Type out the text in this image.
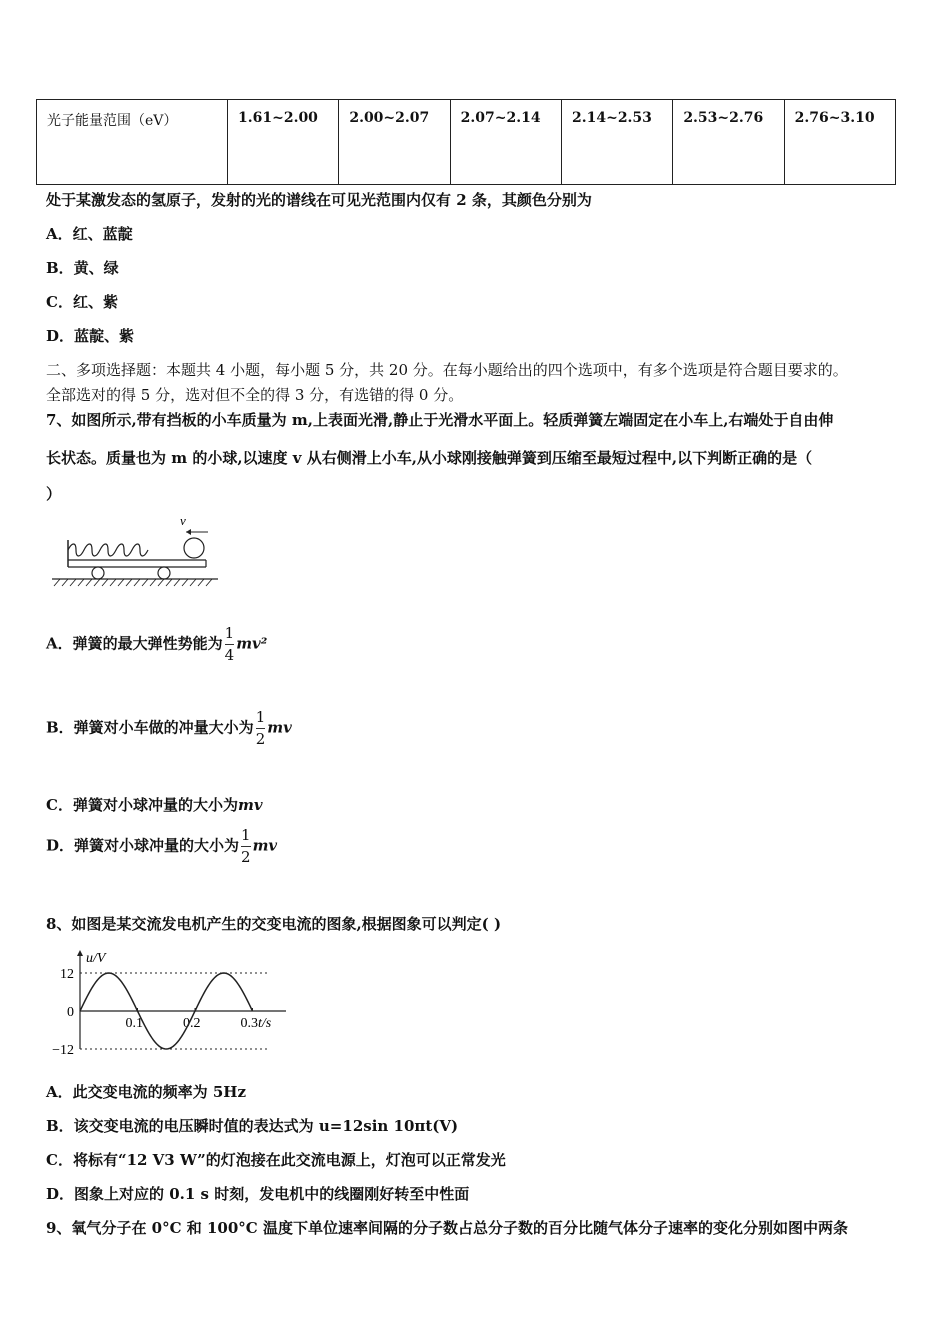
光子能量范围（eV）	1.61~2.00	2.00~2.07	2.07~2.14	2.14~2.53	2.53~2.76	2.76~3.10
处于某激发态的氢原子，发射的光的谱线在可见光范围内仅有 2 条，其颜色分别为
A．红、蓝靛
B．黄、绿
C．红、紫
D．蓝靛、紫
二、多项选择题：本题共 4 小题，每小题 5 分，共 20 分。在每小题给出的四个选项中，有多个选项是符合题目要求的。
全部选对的得 5 分，选对但不全的得 3 分，有选错的得 0 分。
7、如图所示,带有挡板的小车质量为 m,上表面光滑,静止于光滑水平面上。轻质弹簧左端固定在小车上,右端处于自由伸
长状态。质量也为 m 的小球,以速度 v 从右侧滑上小车,从小球刚接触弹簧到压缩至最短过程中,以下判断正确的是（
）
v
A．弹簧的最大弹性势能为 $\frac{1}{4} mv^2$
B．弹簧对小车做的冲量大小为 $\frac{1}{2}$ mv
C．弹簧对小球冲量的大小为mv
D．弹簧对小球冲量的大小为 $\frac{1}{2}$ mv
8、如图是某交流发电机产生的交变电流的图象,根据图象可以判定( )
12
0
−12
0.1	0.2	0.3
u/V
t/s
A．此交变电流的频率为 5Hz
B．该交变电流的电压瞬时值的表达式为 u=12sin 10πt(V)
C．将标有“12 V3 W”的灯泡接在此交流电源上，灯泡可以正常发光
D．图象上对应的 0.1 s 时刻，发电机中的线圈刚好转至中性面
9、氧气分子在 0°C 和 100°C 温度下单位速率间隔的分子数占总分子数的百分比随气体分子速率的变化分别如图中两条
